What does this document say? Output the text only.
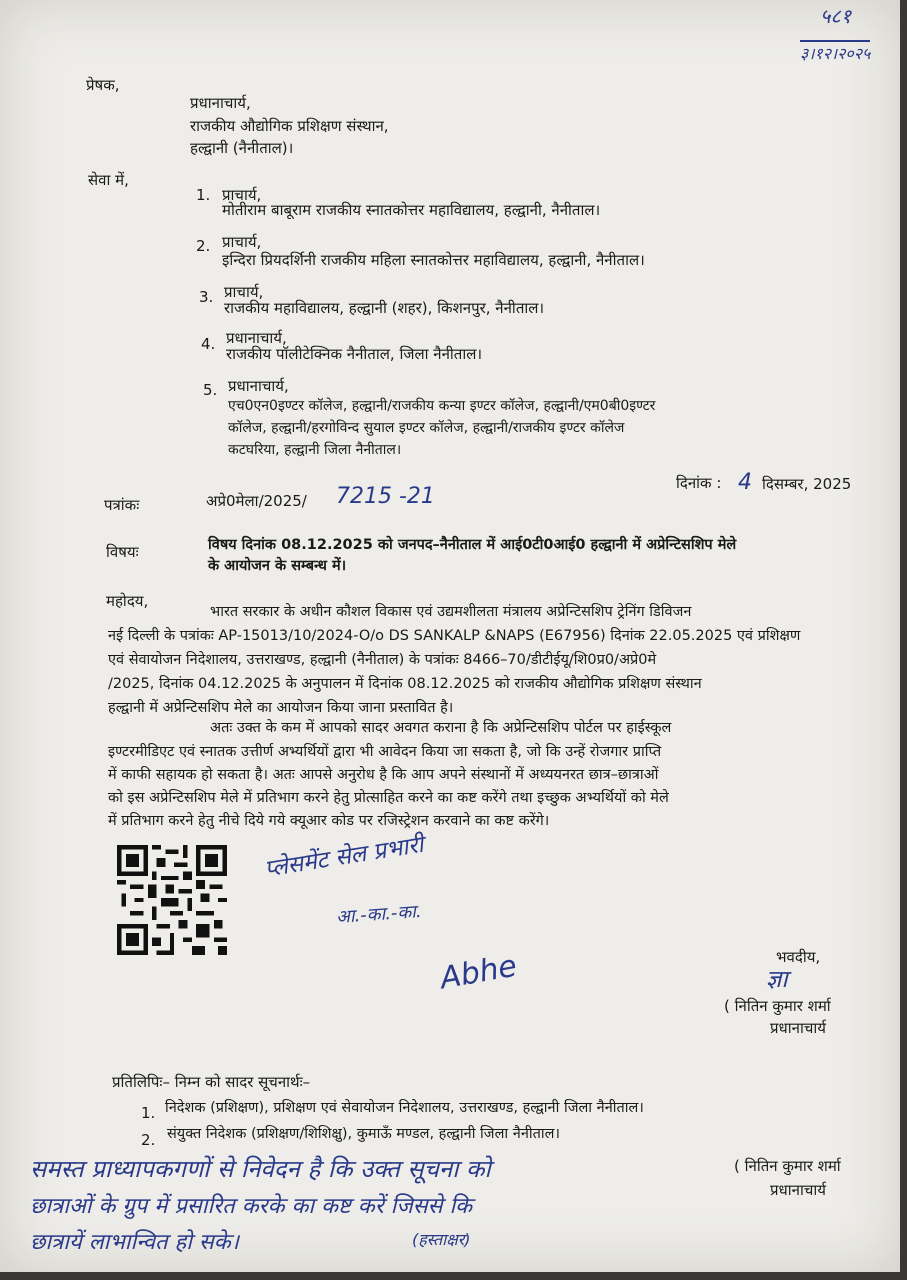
५८१
३।१२।२०२५
प्रेषक,
प्रधानाचार्य,
राजकीय औद्योगिक प्रशिक्षण संस्थान,
हल्द्वानी (नैनीताल)।
सेवा में,
1. प्राचार्य,
मोतीराम बाबूराम राजकीय स्नातकोत्तर महाविद्यालय, हल्द्वानी, नैनीताल।
2. प्राचार्य,
इन्दिरा प्रियदर्शिनी राजकीय महिला स्नातकोत्तर महाविद्यालय, हल्द्वानी, नैनीताल।
3. प्राचार्य,
राजकीय महाविद्यालय, हल्द्वानी (शहर), किशनपुर, नैनीताल।
4. प्रधानाचार्य,
राजकीय पॉलीटेक्निक नैनीताल, जिला नैनीताल।
5. प्रधानाचार्य,
एच0एन0इण्टर कॉलेज, हल्द्वानी/राजकीय कन्या इण्टर कॉलेज, हल्द्वानी/एम0बी0इण्टर
कॉलेज, हल्द्वानी/हरगोविन्द सुयाल इण्टर कॉलेज, हल्द्वानी/राजकीय इण्टर कॉलेज
कटघरिया, हल्द्वानी जिला नैनीताल।
दिनांक : 4 दिसम्बर, 2025
पत्रांकः	अप्रे0मेला/2025/ 7215 -21
विषयः	विषय दिनांक 08.12.2025 को जनपद–नैनीताल में आई0टी0आई0 हल्द्वानी में अप्रेन्टिसशिप मेले
के आयोजन के सम्बन्ध में।
महोदय,
भारत सरकार के अधीन कौशल विकास एवं उद्यमशीलता मंत्रालय अप्रेन्टिसशिप ट्रेनिंग डिविजन
नई दिल्ली के पत्रांकः AP-15013/10/2024-O/o DS SANKALP &NAPS (E67956) दिनांक 22.05.2025 एवं प्रशिक्षण
एवं सेवायोजन निदेशालय, उत्तराखण्ड, हल्द्वानी (नैनीताल) के पत्रांकः 8466–70/डीटीईयू/शि0प्र0/अप्रे0मे
/2025, दिनांक 04.12.2025 के अनुपालन में दिनांक 08.12.2025 को राजकीय औद्योगिक प्रशिक्षण संस्थान
हल्द्वानी में अप्रेन्टिसशिप मेले का आयोजन किया जाना प्रस्तावित है।
अतः उक्त के कम में आपको सादर अवगत कराना है कि अप्रेन्टिसशिप पोर्टल पर हाईस्कूल
इण्टरमीडिएट एवं स्नातक उत्तीर्ण अभ्यर्थियों द्वारा भी आवेदन किया जा सकता है, जो कि उन्हें रोजगार प्राप्ति
में काफी सहायक हो सकता है। अतः आपसे अनुरोध है कि आप अपने संस्थानों में अध्ययनरत छात्र–छात्राओं
को इस अप्रेन्टिसशिप मेले में प्रतिभाग करने हेतु प्रोत्साहित करने का कष्ट करेंगे तथा इच्छुक अभ्यर्थियों को मेले
में प्रतिभाग करने हेतु नीचे दिये गये क्यूआर कोड पर रजिस्ट्रेशन करवाने का कष्ट करेंगे।
प्लेसमेंट सेल प्रभारी
आ.-का.-का.
Abhe	भवदीय,
ज्ञा
( नितिन कुमार शर्मा
प्रधानाचार्य
प्रतिलिपिः– निम्न को सादर सूचनार्थः–
1. निदेशक (प्रशिक्षण), प्रशिक्षण एवं सेवायोजन निदेशालय, उत्तराखण्ड, हल्द्वानी जिला नैनीताल।
2. संयुक्त निदेशक (प्रशिक्षण/शिशिक्षु), कुमाऊँ मण्डल, हल्द्वानी जिला नैनीताल।
( नितिन कुमार शर्मा
प्रधानाचार्य
समस्त प्राध्यापकगणों से निवेदन है कि उक्त सूचना को
छात्राओं के ग्रुप में प्रसारित करके का कष्ट करें जिससे कि
छात्रायें लाभान्वित हो सके।	(हस्ताक्षर)
